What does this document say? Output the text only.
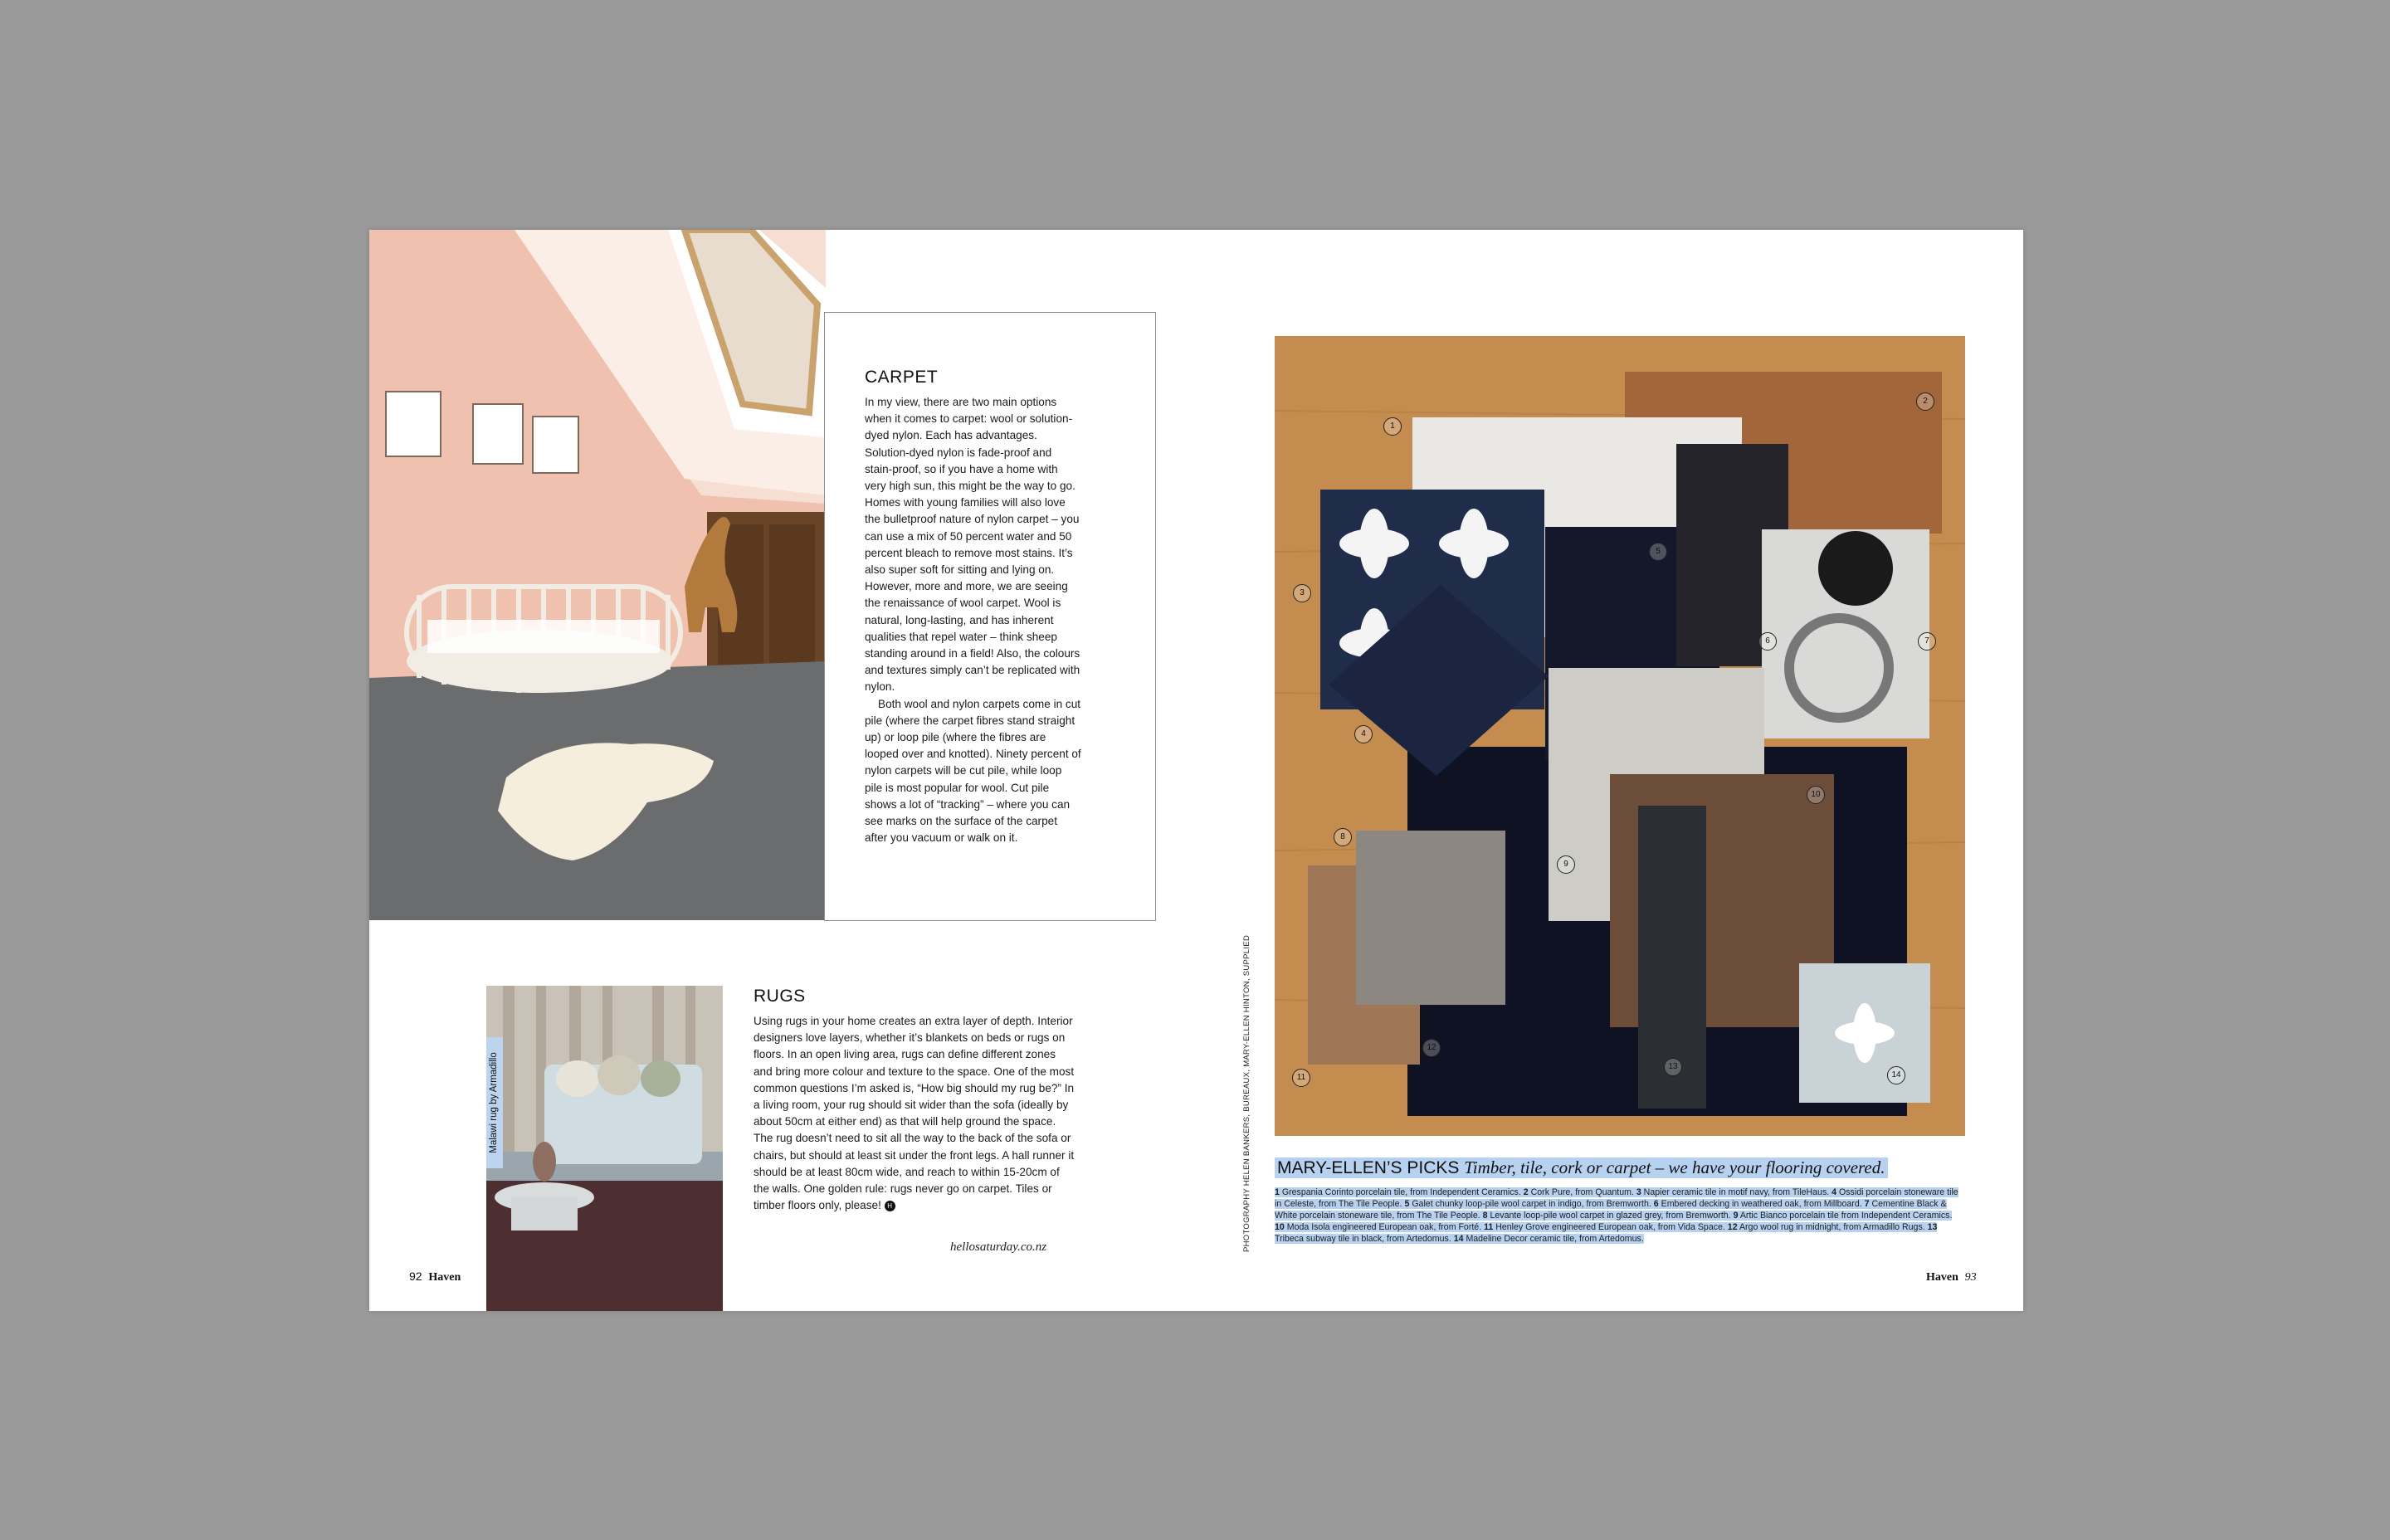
CARPET

In my view, there are two main options when it comes to carpet: wool or solution-dyed nylon. Each has advantages. Solution-dyed nylon is fade-proof and stain-proof, so if you have a home with very high sun, this might be the way to go. Homes with young families will also love the bulletproof nature of nylon carpet – you can use a mix of 50 percent water and 50 percent bleach to remove most stains. It’s also super soft for sitting and lying on. However, more and more, we are seeing the renaissance of wool carpet. Wool is natural, long-lasting, and has inherent qualities that repel water – think sheep standing around in a field! Also, the colours and textures simply can’t be replicated with nylon.

Both wool and nylon carpets come in cut pile (where the carpet fibres stand straight up) or loop pile (where the fibres are looped over and knotted). Ninety percent of nylon carpets will be cut pile, while loop pile is most popular for wool. Cut pile shows a lot of “tracking” – where you can see marks on the surface of the carpet after you vacuum or walk on it.

Malawi rug by Armadillo
RUGS

Using rugs in your home creates an extra layer of depth. Interior designers love layers, whether it’s blankets on beds or rugs on floors. In an open living area, rugs can define different zones and bring more colour and texture to the space. One of the most common questions I’m asked is, “How big should my rug be?” In a living room, your rug should sit wider than the sofa (ideally by about 50cm at either end) as that will help ground the space. The rug doesn’t need to sit all the way to the back of the sofa or chairs, but should at least sit under the front legs. A hall runner it should be at least 80cm wide, and reach to within 15-20cm of the walls. One golden rule: rugs never go on carpet. Tiles or timber floors only, please! H

hellosaturday.co.nz
92 Haven
1
2
3
4
5
6	7
8
9
10
11
12
13
14
PHOTOGRAPHY HELEN BANKERS, BUREAUX, MARY-ELLEN HINTON, SUPPLIED MARY-ELLEN’S PICKS Timber, tile, cork or carpet – we have your flooring covered.
1 Grespania Corinto porcelain tile, from Independent Ceramics. 2 Cork Pure, from Quantum. 3 Napier ceramic tile in motif navy, from TileHaus. 4 Ossidi porcelain stoneware tile in Celeste, from The Tile People. 5 Galet chunky loop-pile wool carpet in indigo, from Bremworth. 6 Embered decking in weathered oak, from Millboard. 7 Cementine Black & White porcelain stoneware tile, from The Tile People. 8 Levante loop-pile wool carpet in glazed grey, from Bremworth. 9 Artic Bianco porcelain tile from Independent Ceramics. 10 Moda Isola engineered European oak, from Forté. 11 Henley Grove engineered European oak, from Vida Space. 12 Argo wool rug in midnight, from Armadillo Rugs. 13 Tribeca subway tile in black, from Artedomus. 14 Madeline Decor ceramic tile, from Artedomus.
Haven 93
